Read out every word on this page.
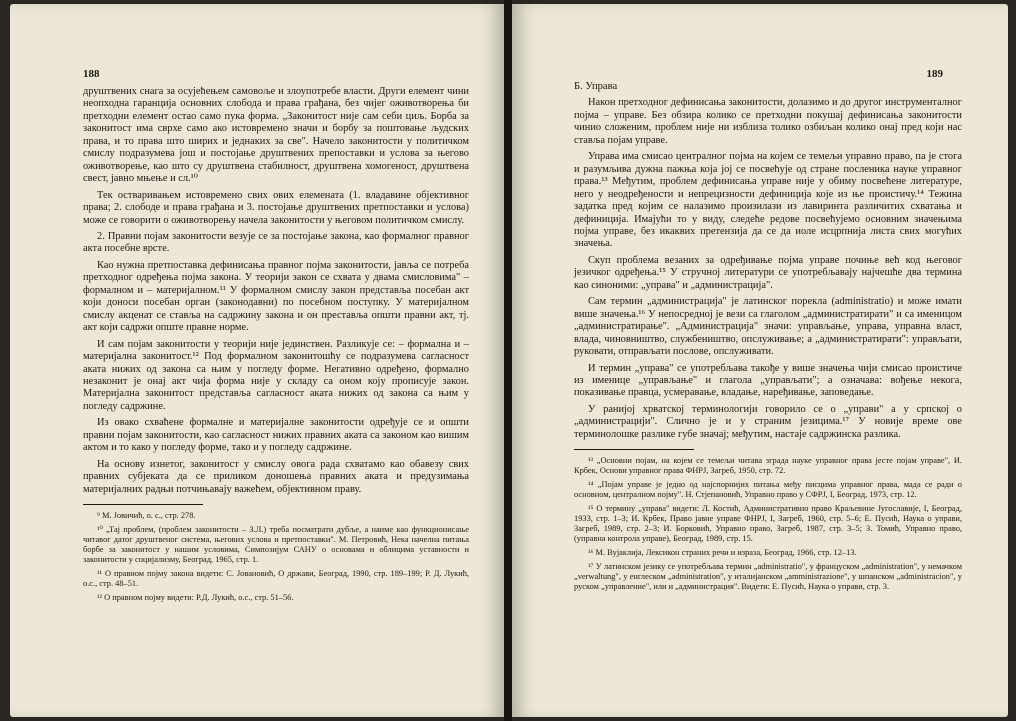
188

друштвених снага за осујећењем самовоље и злоупотребе власти. Други елемент чини неопходна гаранција основних слобода и права грађана, без чијег оживотворења би претходни елемент остао само пука форма. „Законитост није сам себи циљ. Борба за законитост има сврхе само ако истовремено значи и борбу за поштовање људских права, и то права што ширих и једнаких за све". Начело законитости у политичком смислу подразумева још и постојање друштвених препоставки и услова за његово оживотворење, као што су друштвена стабилност, друштвена хомогеност, друштвена свест, јавно мњење и сл.¹⁰

Тек остваривањем истовремено свих ових елемената (1. владавине објективног права; 2. слободе и права грађана и 3. постојање друштвених претпоставки и услова) може се говорити о оживотворењу начела законитости у његовом политичком смислу.

2. Правни појам законитости везује се за постојање закона, као формалног правног акта посебне врсте.

Као нужна претпоставка дефинисања правног појма законитости, јавља се потреба претходног одређења појма закона. У теорији закон се схвата у двама смисловима" – формалном и – материјалном.¹¹ У формалном смислу закон представља посебан акт који доноси посебан орган (законодавни) по посебном поступку. У материјалном смислу акценат се ставља на садржину закона и он преставља општи правни акт, тј. акт који садржи опште правне норме.

И сам појам законитости у теорији није јединствен. Разликује се: – формална и – материјална законитост.¹² Под формалном законитошћу се подразумева сагласност аката нижих од закона са њим у погледу форме. Негативно одређено, формално незаконит је онај акт чија форма није у складу са оном коју прописује закон. Материјална законитост представља сагласност аката нижих од закона са њим у погледу садржине.

Из овако схваћене формалне и материјалне законитости одређује се и општи правни појам законитости, као сагласност нижих правних аката са законом као вишим актом и то како у погледу форме, тако и у погледу садржине.

На основу изнетог, законитост у смислу овога рада схватамо као обавезу свих правних субјеката да се приликом доношења правних аката и предузимања материјалних радњи потчињавају важећем, објективном праву.

⁹ М. Јовичић, о. с., стр. 278.

¹⁰ „Тај проблем, (проблем законитости – З.Л.) треба посматрати дубље, а наиме као функционисање читавог датог друштвеног система, његових услова и претпоставки". М. Петровић, Нека начелна питања борбе за законитост у нашим условима, Симпозијум САНУ о основама и облицима уставности и законитости у социјализму, Београд, 1965, стр. 1.

¹¹ О правном појму закона видети: С. Јовановић, О држави, Београд, 1990, стр. 189–199; Р. Д. Лукић, о.с., стр. 48–51.

¹² О правном појму видети: Р.Д. Лукић, о.с., стр. 51–56.

189
Б. Управа

Након претходног дефинисања законитости, долазимо и до другог инструменталног појма – управе. Без обзира колико се претходни покушај дефинисања законитости чинио сложеним, проблем није ни изблиза толико озбиљан колико онај пред који нас ставља појам управе.

Управа има смисао централног појма на којем се темељи управно право, па је стога и разумљива дужна пажња која јој се посвећује од стране посленика науке управног права.¹³ Међутим, проблем дефинисања управе није у обиму посвећене литературе, него у неодређености и непрецизности дефиниција које из ње проистичу.¹⁴ Тежина задатка пред којим се налазимо произилази из лавиринта различитих схватања и дефиниција. Имајући то у виду, следеће редове посвећујемо основним значењима појма управе, без икаквих претензија да се да иоле исцрпнија листа свих могућих значења.

Скуп проблема везаних за одређивање појма управе почиње већ код његовог језичког одређења.¹⁵ У стручној литератури се употребљавају најчешће два термина као синоними: „управа" и „администрација".

Сам термин „администрација" је латинског порекла (administratio) и може имати више значења.¹⁶ У непосредној је вези са глаголом „администратирати" и са именицом „администратирање". „Администрација" значи: управљање, управа, управна власт, влада, чиновништво, службеништво, опслуживање; а „администратирати": управљати, руковати, отправљати послове, опслуживати.

И термин „управа" се употребљава такође у више значења чији смисао проистиче из именице „управљање" и глагола „управљати"; а означава: вођење некога, показивање правца, усмеравање, владање, наређивање, заповедање.

У ранијој хрватској терминологији говорило се о „управи" а у српској о „администрацији". Слично је и у страним језицима.¹⁷ У новије време ове терминолошке разлике губе значај; међутим, настаје садржинска разлика.

¹³ „Основни појам, на којем се темељи читава зграда науке управног права јесте појам управе", И. Крбек, Основи управног права ФНРЈ, Загреб, 1950, стр. 72.

¹⁴ „Појам управе је једно од најспорнијих питања међу писцима управног права, мада се ради о основном, централном појму". Н. Стјепановић, Управно право у СФРЈ, I, Београд, 1973, стр. 12.

¹⁵ О термину „управа" видети: Л. Костић, Административно право Краљевине Југославије, I, Београд, 1933, стр. 1–3; И. Крбек, Право јавне управе ФНРЈ, I, Загреб, 1960, стр. 5–6; Е. Пусић, Наука о управи, Загреб, 1989, стр. 2–3; И. Борковић, Управно право, Загреб, 1987, стр. 3–5; З. Томић, Управно право, (управна контрола управе), Београд, 1989, стр. 15.

¹⁶ М. Вујаклија, Лексикон страних речи и израза, Београд, 1966, стр. 12–13.

¹⁷ У латинском језику се употребљава термин „administratio", у француском „administration", у немачком „verwaltung", у енглеском „administration", у италијанском „amministrazione", у шпанском „administracion", у руском „управление", или и „администрация". Видети: Е. Пусић, Наука о управи, стр. 3.
